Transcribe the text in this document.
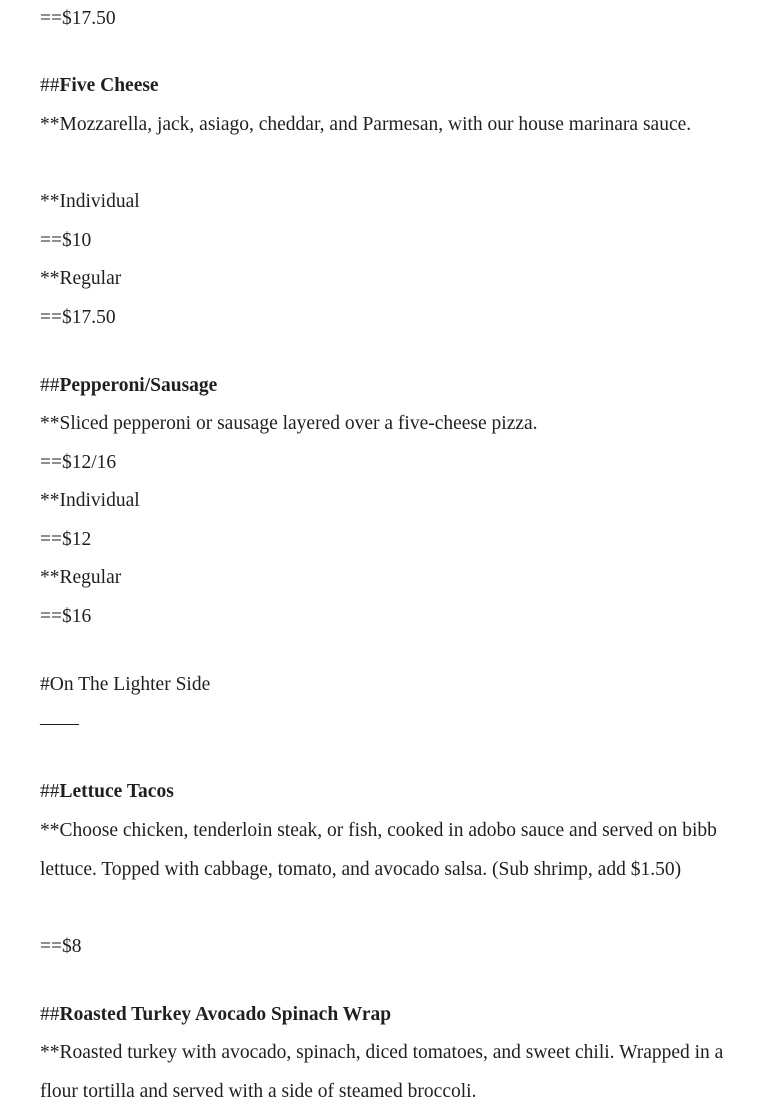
==$17.50
##Five Cheese
**Mozzarella, jack, asiago, cheddar, and Parmesan, with our house marinara sauce.
**Individual
==$10
**Regular
==$17.50
##Pepperoni/Sausage
**Sliced pepperoni or sausage layered over a five-cheese pizza.
==$12/16
**Individual
==$12
**Regular
==$16
#On The Lighter Side
——
##Lettuce Tacos
**Choose chicken, tenderloin steak, or fish, cooked in adobo sauce and served on bibb lettuce. Topped with cabbage, tomato, and avocado salsa. (Sub shrimp, add $1.50)
==$8
##Roasted Turkey Avocado Spinach Wrap
**Roasted turkey with avocado, spinach, diced tomatoes, and sweet chili. Wrapped in a flour tortilla and served with a side of steamed broccoli.
